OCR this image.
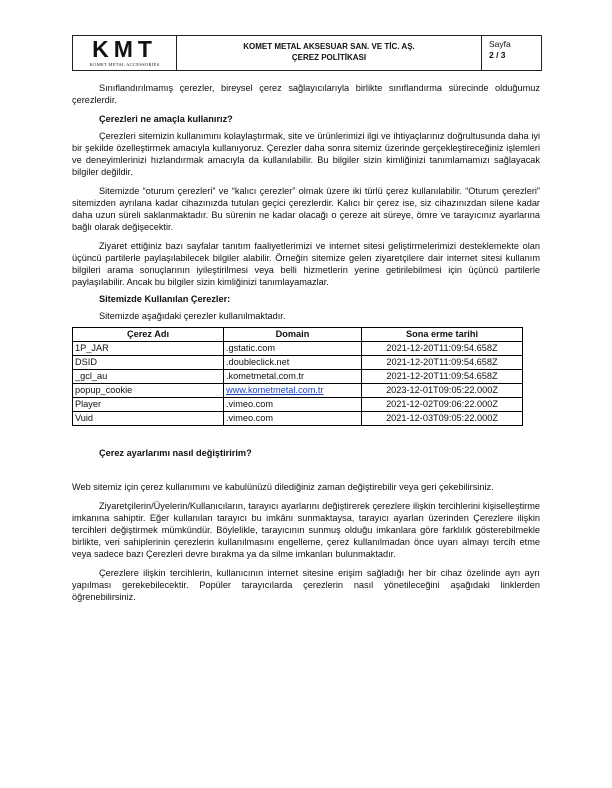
KMT
KOMET METAL ACCESSORIES
KOMET METAL AKSESUAR SAN. VE TİC. AŞ.
ÇEREZ POLİTİKASI
Sayfa
2 / 3

Sınıflandırılmamış çerezler, bireysel çerez sağlayıcılarıyla birlikte sınıflandırma sürecinde olduğumuz çerezlerdir.

Çerezleri ne amaçla kullanırız?

Çerezleri sitemizin kullanımını kolaylaştırmak, site ve ürünlerimizi ilgi ve ihtiyaçlarınız doğrultusunda daha iyi bir şekilde özelleştirmek amacıyla kullanıyoruz. Çerezler daha sonra sitemiz üzerinde gerçekleştireceğiniz işlemleri ve deneyimlerinizi hızlandırmak amacıyla da kullanılabilir. Bu bilgiler sizin kimliğinizi tanımlamamızı sağlayacak bilgiler değildir.

Sitemizde “oturum çerezleri” ve “kalıcı çerezler” olmak üzere iki türlü çerez kullanılabilir. “Oturum çerezleri” sitemizden ayrılana kadar cihazınızda tutulan geçici çerezlerdir. Kalıcı bir çerez ise, siz cihazınızdan silene kadar daha uzun süreli saklanmaktadır. Bu sürenin ne kadar olacağı o çereze ait süreye, ömre ve tarayıcınız ayarlarına bağlı olarak değişecektir.

Ziyaret ettiğiniz bazı sayfalar tanıtım faaliyetlerimizi ve internet sitesi geliştirmelerimizi desteklemekte olan üçüncü partilerle paylaşılabilecek bilgiler alabilir. Örneğin sitemize gelen ziyaretçilere dair internet sitesi kullanım bilgileri arama sonuçlarının iyileştirilmesi veya belli hizmetlerin yerine getirilebilmesi için üçüncü partilerle paylaşılabilir. Ancak bu bilgiler sizin kimliğinizi tanımlayamazlar.

Sitemizde Kullanılan Çerezler:

Sitemizde aşağıdaki çerezler kullanılmaktadır.

Çerez Adı	Domain	Sona erme tarihi
1P_JAR	.gstatic.com	2021-12-20T11:09:54.658Z
DSID	.doubleclick.net	2021-12-20T11:09:54.658Z
_gcl_au	.kometmetal.com.tr	2021-12-20T11:09:54.658Z
popup_cookie	www.kometmetal.com.tr	2023-12-01T09:05:22.000Z
Player	.vimeo.com	2021-12-02T09:06:22.000Z
Vuid	.vimeo.com	2021-12-03T09:05:22.000Z
Çerez ayarlarımı nasıl değiştiririm?

Web sitemiz için çerez kullanımını ve kabulünüzü dilediğiniz zaman değiştirebilir veya geri çekebilirsiniz.

Ziyaretçilerin/Üyelerin/Kullanıcıların, tarayıcı ayarlarını değiştirerek çerezlere ilişkin tercihlerini kişiselleştirme imkanına sahiptir. Eğer kullanılan tarayıcı bu imkânı sunmaktaysa, tarayıcı ayarları üzerinden Çerezlere ilişkin tercihleri değiştirmek mümkündür. Böylelikle, tarayıcının sunmuş olduğu imkanlara göre farklılık gösterebilmekle birlikte, veri sahiplerinin çerezlerin kullanılmasını engelleme, çerez kullanılmadan önce uyarı almayı tercih etme veya sadece bazı Çerezleri devre bırakma ya da silme imkanları bulunmaktadır.

Çerezlere ilişkin tercihlerin, kullanıcının internet sitesine erişim sağladığı her bir cihaz özelinde ayrı ayrı yapılması gerekebilecektir. Popüler tarayıcılarda çerezlerin nasıl yönetileceğini aşağıdaki linklerden öğrenebilirsiniz.
